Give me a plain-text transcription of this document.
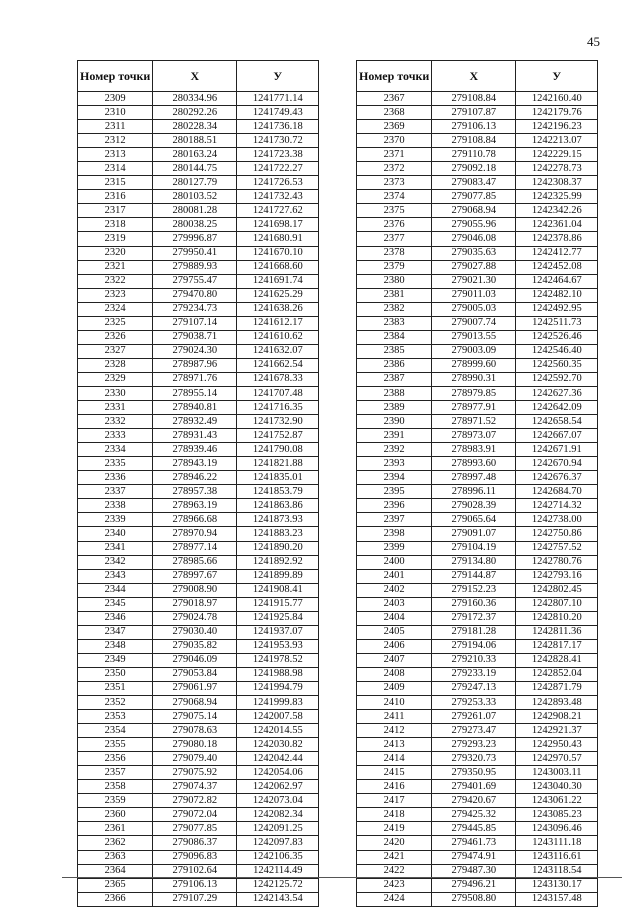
45
Номер точки	X	У
2309	280334.96	1241771.14
2310	280292.26	1241749.43
2311	280228.34	1241736.18
2312	280188.51	1241730.72
2313	280163.24	1241723.38
2314	280144.75	1241722.27
2315	280127.79	1241726.53
2316	280103.52	1241732.43
2317	280081.28	1241727.62
2318	280038.25	1241698.17
2319	279996.87	1241680.91
2320	279950.41	1241670.10
2321	279889.93	1241668.60
2322	279755.47	1241691.74
2323	279470.80	1241625.29
2324	279234.73	1241638.26
2325	279107.14	1241612.17
2326	279038.71	1241610.62
2327	279024.30	1241632.07
2328	278987.96	1241662.54
2329	278971.76	1241678.33
2330	278955.14	1241707.48
2331	278940.81	1241716.35
2332	278932.49	1241732.90
2333	278931.43	1241752.87
2334	278939.46	1241790.08
2335	278943.19	1241821.88
2336	278946.22	1241835.01
2337	278957.38	1241853.79
2338	278963.19	1241863.86
2339	278966.68	1241873.93
2340	278970.94	1241883.23
2341	278977.14	1241890.20
2342	278985.66	1241892.92
2343	278997.67	1241899.89
2344	279008.90	1241908.41
2345	279018.97	1241915.77
2346	279024.78	1241925.84
2347	279030.40	1241937.07
2348	279035.82	1241953.93
2349	279046.09	1241978.52
2350	279053.84	1241988.98
2351	279061.97	1241994.79
2352	279068.94	1241999.83
2353	279075.14	1242007.58
2354	279078.63	1242014.55
2355	279080.18	1242030.82
2356	279079.40	1242042.44
2357	279075.92	1242054.06
2358	279074.37	1242062.97
2359	279072.82	1242073.04
2360	279072.04	1242082.34
2361	279077.85	1242091.25
2362	279086.37	1242097.83
2363	279096.83	1242106.35
2364	279102.64	1242114.49
2365	279106.13	1242125.72
2366	279107.29	1242143.54
Номер точки	X	У
2367	279108.84	1242160.40
2368	279107.87	1242179.76
2369	279106.13	1242196.23
2370	279108.84	1242213.07
2371	279110.78	1242229.15
2372	279092.18	1242278.73
2373	279083.47	1242308.37
2374	279077.85	1242325.99
2375	279068.94	1242342.26
2376	279055.96	1242361.04
2377	279046.08	1242378.86
2378	279035.63	1242412.77
2379	279027.88	1242452.08
2380	279021.30	1242464.67
2381	279011.03	1242482.10
2382	279005.03	1242492.95
2383	279007.74	1242511.73
2384	279013.55	1242526.46
2385	279003.09	1242546.40
2386	278999.60	1242560.35
2387	278990.31	1242592.70
2388	278979.85	1242627.36
2389	278977.91	1242642.09
2390	278971.52	1242658.54
2391	278973.07	1242667.07
2392	278983.91	1242671.91
2393	278993.60	1242670.94
2394	278997.48	1242676.37
2395	278996.11	1242684.70
2396	279028.39	1242714.32
2397	279065.64	1242738.00
2398	279091.07	1242750.86
2399	279104.19	1242757.52
2400	279134.80	1242780.76
2401	279144.87	1242793.16
2402	279152.23	1242802.45
2403	279160.36	1242807.10
2404	279172.37	1242810.20
2405	279181.28	1242811.36
2406	279194.06	1242817.17
2407	279210.33	1242828.41
2408	279233.19	1242852.04
2409	279247.13	1242871.79
2410	279253.33	1242893.48
2411	279261.07	1242908.21
2412	279273.47	1242921.37
2413	279293.23	1242950.43
2414	279320.73	1242970.57
2415	279350.95	1243003.11
2416	279401.69	1243040.30
2417	279420.67	1243061.22
2418	279425.32	1243085.23
2419	279445.85	1243096.46
2420	279461.73	1243111.18
2421	279474.91	1243116.61
2422	279487.30	1243118.54
2423	279496.21	1243130.17
2424	279508.80	1243157.48
